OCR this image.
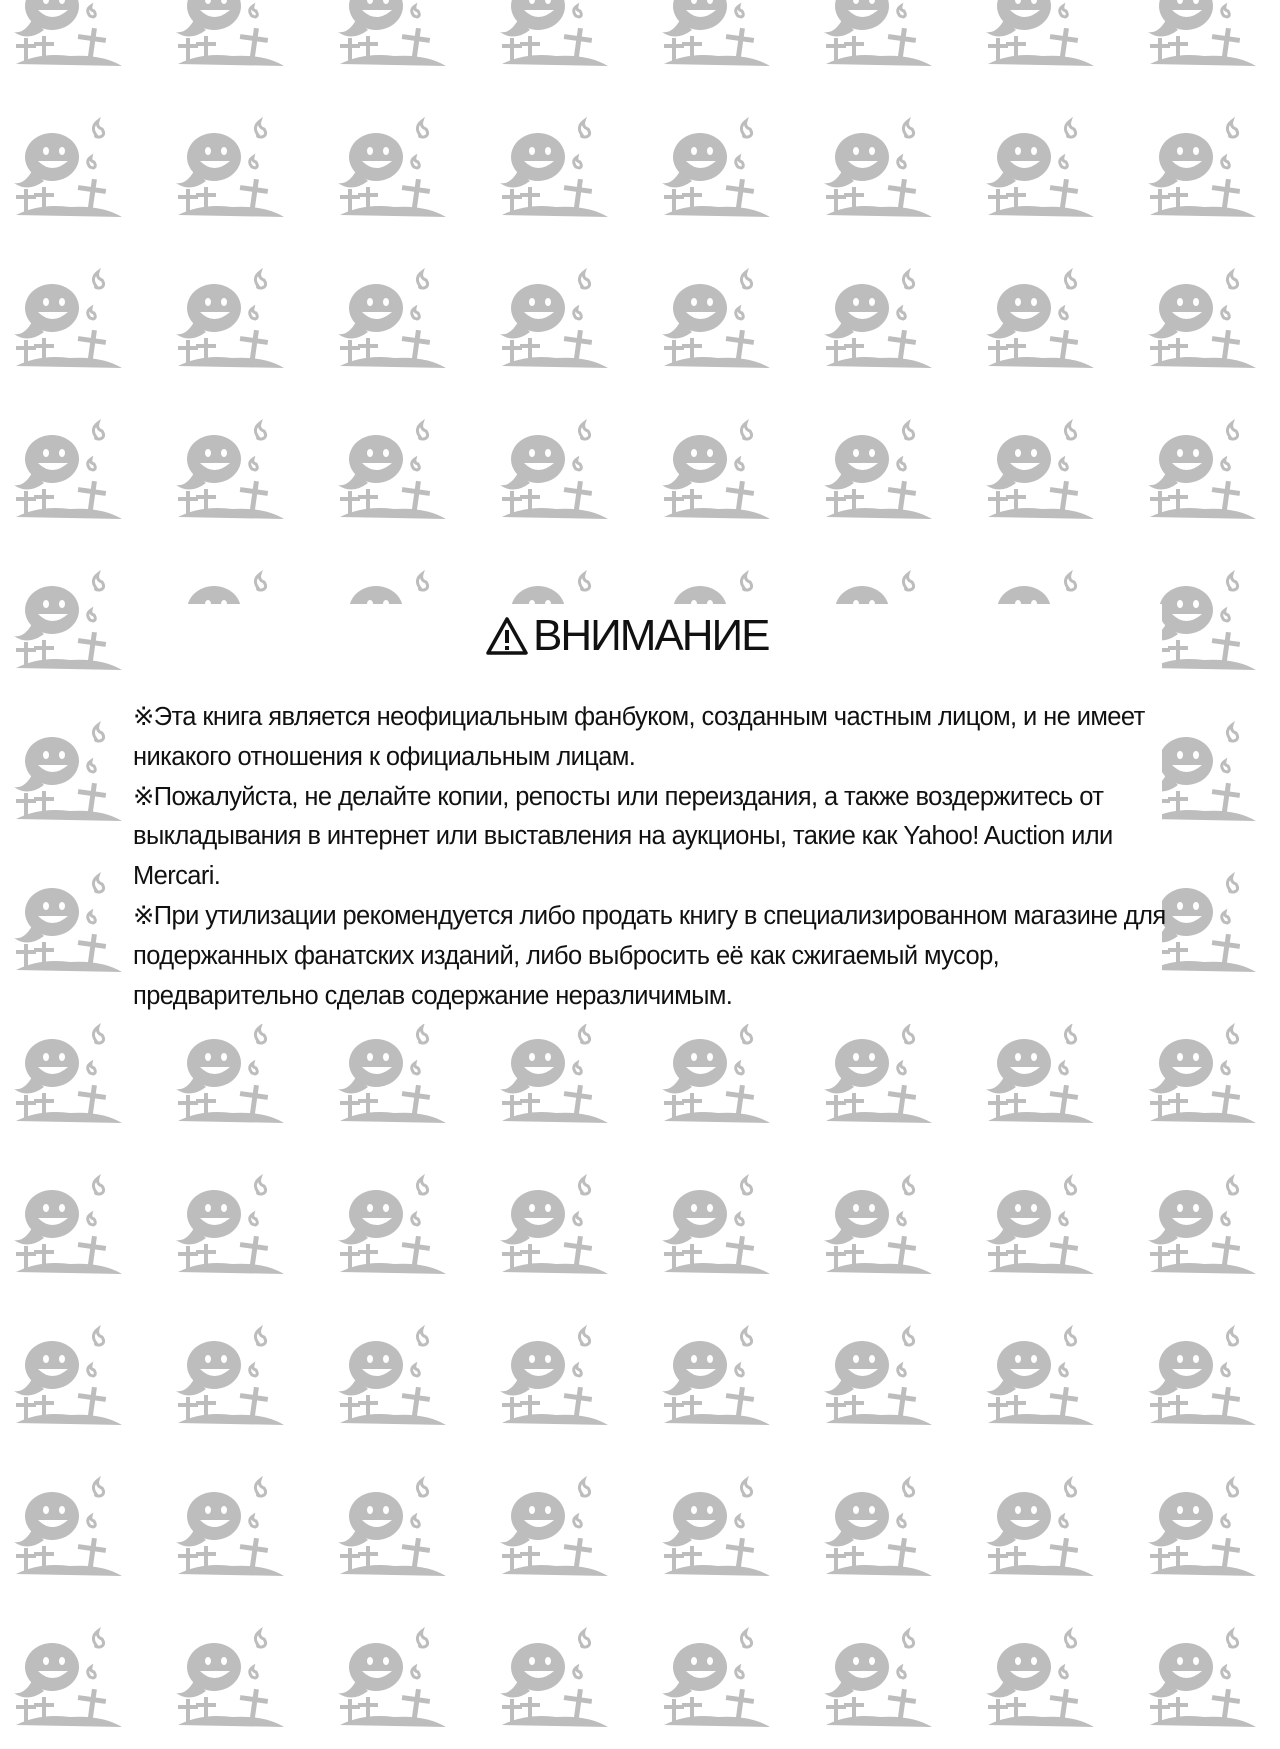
ВНИМАНИЕ

※Эта книга является неофициальным фанбуком, созданным частным лицом, и не имеет никакого отношения к официальным лицам.

※Пожалуйста, не делайте копии, репосты или переиздания, а также воздержитесь от выкладывания в интернет или выставления на аукционы, такие как Yahoo! Auction или Mercari.

※При утилизации рекомендуется либо продать книгу в специализированном магазине для подержанных фанатских изданий, либо выбросить её как сжигаемый мусор, предварительно сделав содержание неразличимым.
